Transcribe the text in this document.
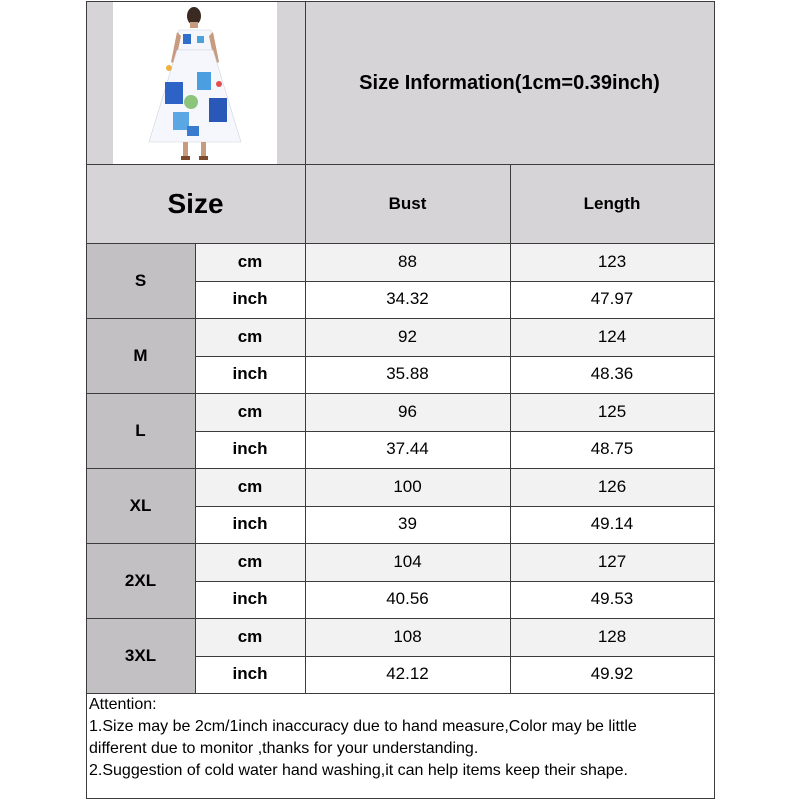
Size Information(1cm=0.39inch)
Size	Bust	Length
S
cm	88	123
inch	34.32	47.97
M
cm	92	124
inch	35.88	48.36
L
cm	96	125
inch	37.44	48.75
XL
cm	100	126
inch	39	49.14
2XL
cm	104	127
inch	40.56	49.53
3XL
cm	108	128
inch	42.12	49.92
Attention:
1.Size may be 2cm/1inch inaccuracy due to hand measure,Color may be little
different due to monitor ,thanks for your understanding.
2.Suggestion of cold water hand washing,it can help items keep their shape.
